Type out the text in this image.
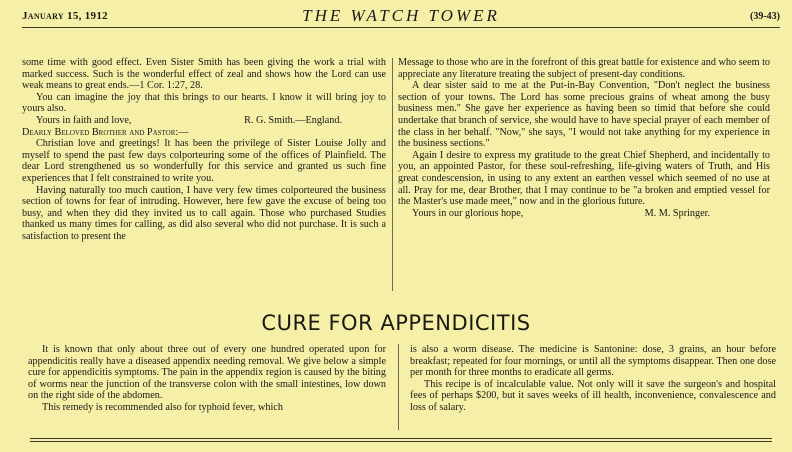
January 15, 1912	THE WATCH TOWER	(39-43)

some time with good effect. Even Sister Smith has been giving the work a trial with marked success. Such is the wonderful effect of zeal and shows how the Lord can use weak means to great ends.—1 Cor. 1:27, 28.

You can imagine the joy that this brings to our hearts. I know it will bring joy to yours also.

Yours in faith and love,	R. G. Smith.—England.

Dearly Beloved Brother and Pastor:—

Christian love and greetings! It has been the privilege of Sister Louise Jolly and myself to spend the past few days colporteuring some of the offices of Plainfield. The dear Lord strengthened us so wonderfully for this service and granted us such fine experiences that I felt constrained to write you.

Having naturally too much caution, I have very few times colporteured the business section of towns for fear of intruding. However, here few gave the excuse of being too busy, and when they did they invited us to call again. Those who purchased Studies thanked us many times for calling, as did also several who did not purchase. It is such a satisfaction to present the

Message to those who are in the forefront of this great battle for existence and who seem to appreciate any literature treating the subject of present-day conditions.

A dear sister said to me at the Put-in-Bay Convention, "Don't neglect the business section of your towns. The Lord has some precious grains of wheat among the busy business men." She gave her experience as having been so timid that before she could undertake that branch of service, she would have to have special prayer of each member of the class in her behalf. "Now," she says, "I would not take anything for my experience in the business sections."

Again I desire to express my gratitude to the great Chief Shepherd, and incidentally to you, an appointed Pastor, for these soul-refreshing, life-giving waters of Truth, and His great condescension, in using to any extent an earthen vessel which seemed of no use at all. Pray for me, dear Brother, that I may continue to be "a broken and emptied vessel for the Master's use made meet," now and in the glorious future.

Yours in our glorious hope,	M. M. Springer.
CURE FOR APPENDICITIS

It is known that only about three out of every one hundred operated upon for appendicitis really have a diseased appendix needing removal. We give below a simple cure for appendicitis symptoms. The pain in the appendix region is caused by the biting of worms near the junction of the transverse colon with the small intestines, low down on the right side of the abdomen.

This remedy is recommended also for typhoid fever, which

is also a worm disease. The medicine is Santonine: dose, 3 grains, an hour before breakfast; repeated for four mornings, or until all the symptoms disappear. Then one dose per month for three months to eradicate all germs.

This recipe is of incalculable value. Not only will it save the surgeon's and hospital fees of perhaps $200, but it saves weeks of ill health, inconvenience, convalescence and loss of salary.
